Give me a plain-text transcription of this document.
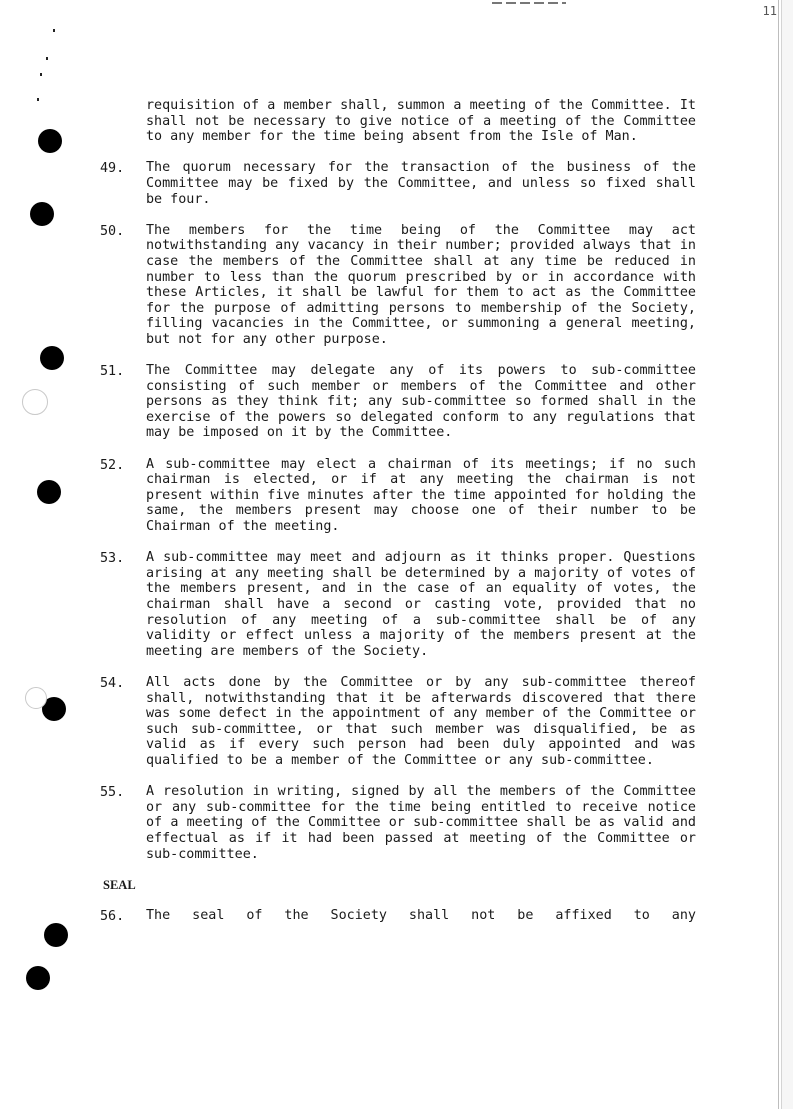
11
requisition of a member shall, summon a meeting of the Committee. It shall not be necessary to give notice of a meeting of the Committee to any member for the time being absent from the Isle of Man.
49. The quorum necessary for the transaction of the business of the Committee may be fixed by the Committee, and unless so fixed shall be four.
50. The members for the time being of the Committee may act notwithstanding any vacancy in their number; provided always that in case the members of the Committee shall at any time be reduced in number to less than the quorum prescribed by or in accordance with these Articles, it shall be lawful for them to act as the Committee for the purpose of admitting persons to membership of the Society, filling vacancies in the Committee, or summoning a general meeting, but not for any other purpose.
51. The Committee may delegate any of its powers to sub-committee consisting of such member or members of the Committee and other persons as they think fit; any sub-committee so formed shall in the exercise of the powers so delegated conform to any regulations that may be imposed on it by the Committee.
52. A sub-committee may elect a chairman of its meetings; if no such chairman is elected, or if at any meeting the chairman is not present within five minutes after the time appointed for holding the same, the members present may choose one of their number to be Chairman of the meeting.
53. A sub-committee may meet and adjourn as it thinks proper. Questions arising at any meeting shall be determined by a majority of votes of the members present, and in the case of an equality of votes, the chairman shall have a second or casting vote, provided that no resolution of any meeting of a sub-committee shall be of any validity or effect unless a majority of the members present at the meeting are members of the Society.
54. All acts done by the Committee or by any sub-committee thereof shall, notwithstanding that it be afterwards discovered that there was some defect in the appointment of any member of the Committee or such sub-committee, or that such member was disqualified, be as valid as if every such person had been duly appointed and was qualified to be a member of the Committee or any sub-committee.
55. A resolution in writing, signed by all the members of the Committee or any sub-committee for the time being entitled to receive notice of a meeting of the Committee or sub-committee shall be as valid and effectual as if it had been passed at meeting of the Committee or sub-committee.
SEAL
56. The seal of the Society shall not be affixed to any
